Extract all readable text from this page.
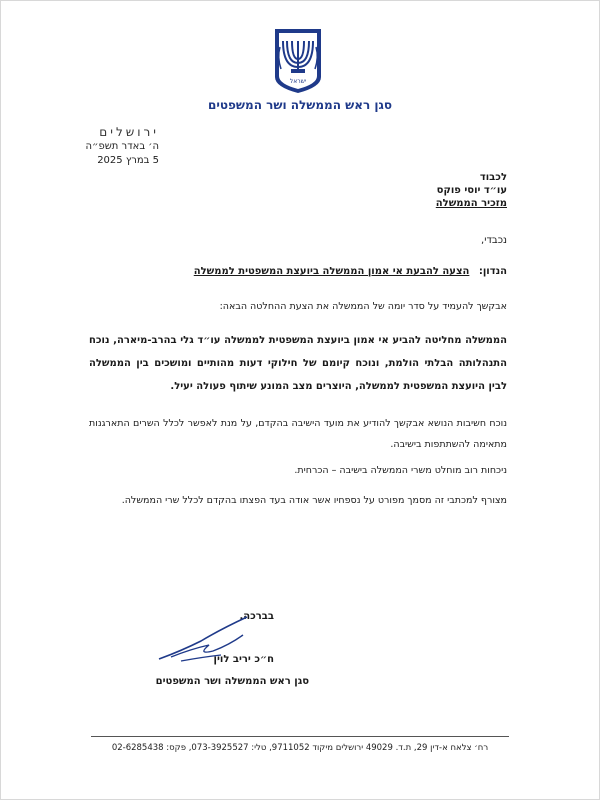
ישראל
סגן ראש הממשלה ושר המשפטים
ירושלים
ה׳ באדר תשפ״ה
5 במרץ 2025
לכבוד
עו״ד יוסי פוקס
מזכיר הממשלה
נכבדי,
הנדון: הצעה להבעת אי אמון הממשלה ביועצת המשפטית לממשלה
אבקשך להעמיד על סדר יומה של הממשלה את הצעת ההחלטה הבאה:
הממשלה מחליטה להביע אי אמון ביועצת המשפטית לממשלה עו״ד גלי בהרב-מיארה, נוכח התנהלותה הבלתי הולמת, ונוכח קיומם של חילוקי דעות מהותיים ומושכים בין הממשלה לבין היועצת המשפטית לממשלה, היוצרים מצב המונע שיתוף פעולה יעיל.
נוכח חשיבות הנושא אבקשך להודיע את מועד הישיבה בהקדם, על מנת לאפשר לכלל השרים התארגנות מתאימה להשתתפות בישיבה.
ניכחות רוב מוחלט משרי הממשלה בישיבה – הכרחית.
מצורף למכתבי זה מסמך מפורט על נספחיו אשר אודה בעד הפצתו בהקדם לכלל שרי הממשלה.
בברכה,
ח״כ יריב לוין
סגן ראש הממשלה ושר המשפטים
רח׳ צלאח א-דין 29, ת.ד. 49029 ירושלים מיקוד 9711052, טלי: 073-3925527, פקס: 02-6285438
